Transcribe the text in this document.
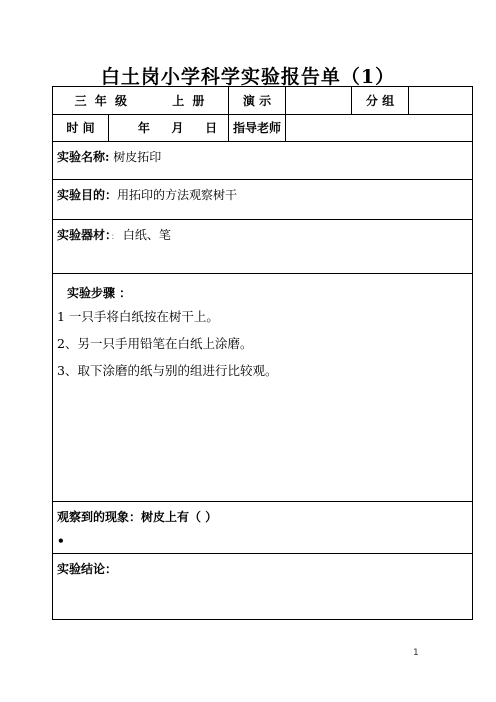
白土岗小学科学实验报告单（1）
三 年 级 上 册		演 示		分 组	
时 间	年 月 日	指导老师			
实验名称: 树皮拓印					
实验目的：用拓印的方法观察树干					
实验器材：： 白纸、笔					

实验步骤 ：
1 一只手将白纸按在树干上。
2、另一只手用铅笔在白纸上涂磨。
3、取下涂磨的纸与别的组进行比较观。					

观察到的现象：树皮上有（ ）
•					

实验结论：					
1
